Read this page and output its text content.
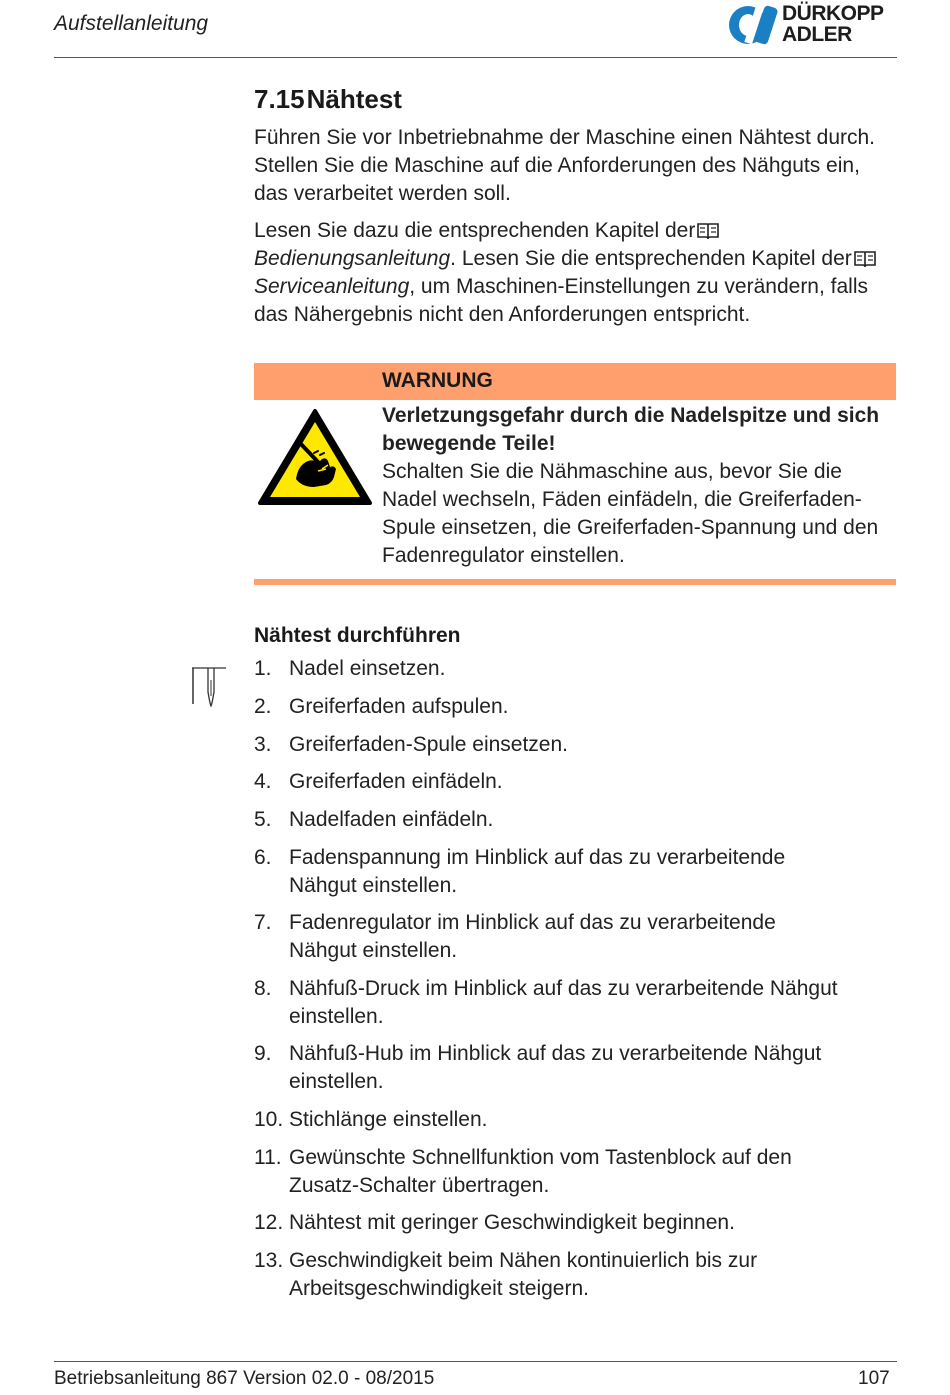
Aufstellanleitung	DÜRKOPP
ADLER
7.15Nähtest
Führen Sie vor Inbetriebnahme der Maschine einen Nähtest durch. Stellen Sie die Maschine auf die Anforderungen des Nähguts ein, das verarbeitet werden soll.
Lesen Sie dazu die entsprechenden Kapitel derBedienungsanleitung. Lesen Sie die entsprechenden Kapitel derServiceanleitung, um Maschinen-Einstellungen zu verändern, falls das Nähergebnis nicht den Anforderungen entspricht.
WARNUNG
Verletzungsgefahr durch die Nadelspitze und sich bewegende Teile!
Schalten Sie die Nähmaschine aus, bevor Sie die Nadel wechseln, Fäden einfädeln, die Greiferfaden-Spule einsetzen, die Greiferfaden-Spannung und den Fadenregulator einstellen.
Nähtest durchführen
1. Nadel einsetzen.
2. Greiferfaden aufspulen.
3. Greiferfaden-Spule einsetzen.
4. Greiferfaden einfädeln.
5. Nadelfaden einfädeln.
6. Fadenspannung im Hinblick auf das zu verarbeitende Nähgut einstellen.
7. Fadenregulator im Hinblick auf das zu verarbeitende Nähgut einstellen.
8. Nähfuß-Druck im Hinblick auf das zu verarbeitende Nähgut einstellen.
9. Nähfuß-Hub im Hinblick auf das zu verarbeitende Nähgut einstellen.
10. Stichlänge einstellen.
11. Gewünschte Schnellfunktion vom Tastenblock auf den Zusatz-Schalter übertragen.
12. Nähtest mit geringer Geschwindigkeit beginnen.
13. Geschwindigkeit beim Nähen kontinuierlich bis zur Arbeitsgeschwindigkeit steigern.
Betriebsanleitung 867 Version 02.0 - 08/2015	107
